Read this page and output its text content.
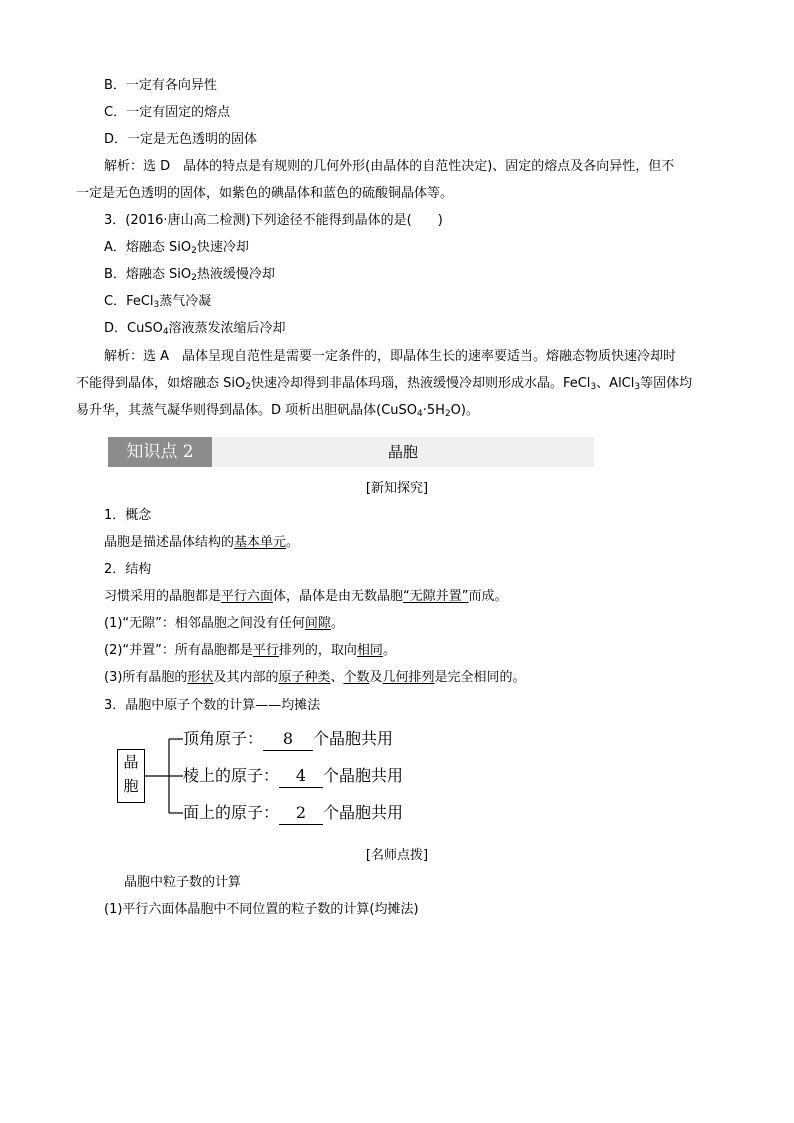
B．一定有各向异性
C．一定有固定的熔点
D．一定是无色透明的固体
解析：选 D　晶体的特点是有规则的几何外形(由晶体的自范性决定)、固定的熔点及各向异性，但不
一定是无色透明的固体，如紫色的碘晶体和蓝色的硫酸铜晶体等。
3．(2016·唐山高二检测)下列途径不能得到晶体的是(　　)
A．熔融态 SiO$_2$快速冷却
B．熔融态 SiO$_2$热液缓慢冷却
C．FeCl$_3$蒸气冷凝
D．CuSO$_4$溶液蒸发浓缩后冷却
解析：选 A　晶体呈现自范性是需要一定条件的，即晶体生长的速率要适当。熔融态物质快速冷却时
不能得到晶体，如熔融态 SiO$_2$快速冷却得到非晶体玛瑙，热液缓慢冷却则形成水晶。FeCl$_3$、AlCl$_3$等固体均
易升华，其蒸气凝华则得到晶体。D 项析出胆矾晶体$(CuSO_4\cdot 5H_2O)$。
知识点 2	晶胞
[新知探究]
1．概念
晶胞是描述晶体结构的基本单元。
2．结构
习惯采用的晶胞都是平行六面体，晶体是由无数晶胞“无隙并置”而成。
(1)“无隙”：相邻晶胞之间没有任何间隙。
(2)“并置”：所有晶胞都是平行排列的，取向相同。
(3)所有晶胞的形状及其内部的原子种类、个数及几何排列是完全相同的。
3．晶胞中原子个数的计算——均摊法
晶
胞
顶角原子： 8 个晶胞共用
棱上的原子： 4 个晶胞共用
面上的原子： 2 个晶胞共用
[名师点拨]
晶胞中粒子数的计算
(1)平行六面体晶胞中不同位置的粒子数的计算(均摊法)
